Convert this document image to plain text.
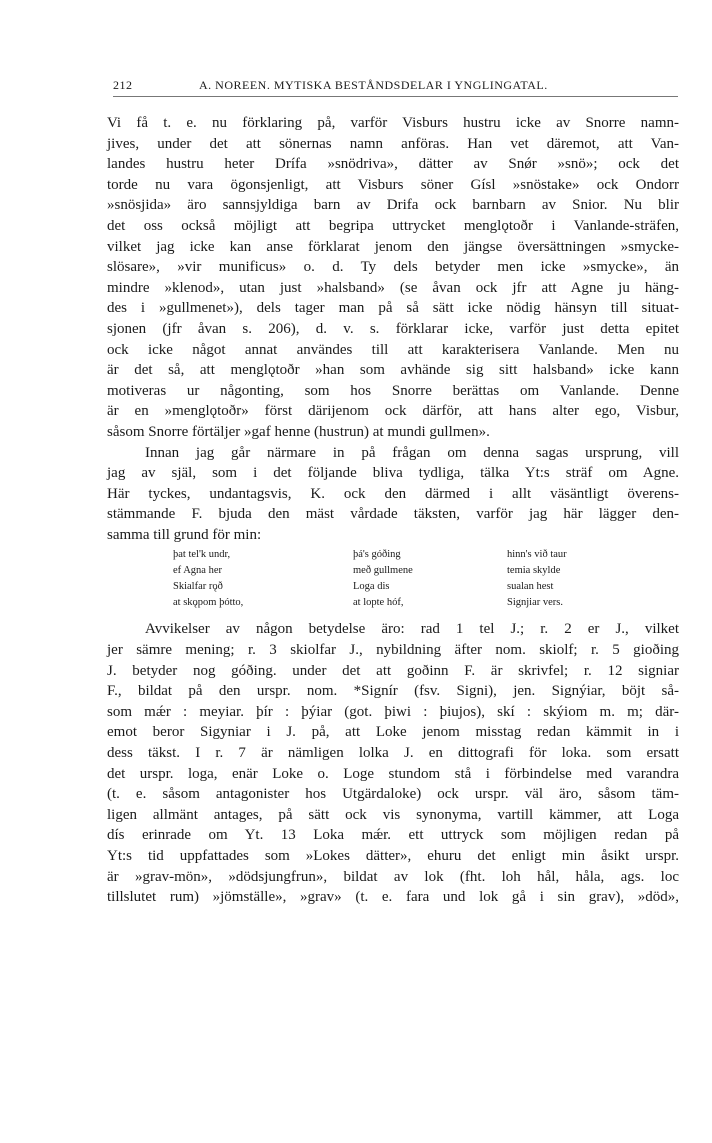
212	A. NOREEN. MYTISKA BESTÅNDSDELAR I YNGLINGATAL.
Vi få t. e. nu förklaring på, varför Visburs hustru icke av Snorre namn-
jives, under det att sönernas namn anföras. Han vet däremot, att Van-
landes hustru heter Drífa »snödriva», dätter av Snǿr »snö»; ock det
torde nu vara ögonsjenligt, att Visburs söner Gísl »snöstake» ock Ondorr
»snösjida» äro sannsjyldiga barn av Drifa ock barnbarn av Snior. Nu blir
det oss också möjligt att begripa uttrycket menglǫtoðr i Vanlande-sträfen,
vilket jag icke kan anse förklarat jenom den jängse översättningen »smycke-
slösare», »vir munificus» o. d. Ty dels betyder men icke »smycke», än
mindre »klenod», utan just »halsband» (se åvan ock jfr att Agne ju häng-
des i »gullmenet»), dels tager man på så sätt icke nödig hänsyn till situat-
sjonen (jfr åvan s. 206), d. v. s. förklarar icke, varför just detta epitet
ock icke något annat användes till att karakterisera Vanlande. Men nu
är det så, att menglǫtoðr »han som avhände sig sitt halsband» icke kann
motiveras ur någonting, som hos Snorre berättas om Vanlande. Denne
är en »menglǫtoðr» först därijenom ock därför, att hans alter ego, Visbur,
såsom Snorre förtäljer »gaf henne (hustrun) at mundi gullmen».
Innan jag går närmare in på frågan om denna sagas ursprung, vill
jag av själ, som i det följande bliva tydliga, tälka Yt:s sträf om Agne.
Här tyckes, undantagsvis, K. ock den därmed i allt väsäntligt överens-
stämmande F. bjuda den mäst vårdade täksten, varför jag här lägger den-
samma till grund för min:
þat tel'k undr,
ef Agna her
Skialfar rǫð
at skǫpom þótto,
þá's góðing
með gullmene
Loga dis
at lopte hóf,
hinn's við taur
temia skylde
sualan hest
Signjiar vers.
Avvikelser av någon betydelse äro: rad 1 tel J.; r. 2 er J., vilket
jer sämre mening; r. 3 skiolfar J., nybildning äfter nom. skiolf; r. 5 gioðing
J. betyder nog góðing. under det att goðinn F. är skrivfel; r. 12 signiar
F., bildat på den urspr. nom. *Signír (fsv. Signi), jen. Signýiar, böjt så-
som mǽr : meyiar. þír : þýiar (got. þiwi : þiujos), skí : skýiom m. m; där-
emot beror Sigyniar i J. på, att Loke jenom misstag redan kämmit in i
dess täkst. I r. 7 är nämligen lolka J. en dittografi för loka. som ersatt
det urspr. loga, enär Loke o. Loge stundom stå i förbindelse med varandra
(t. e. såsom antagonister hos Utgärdaloke) ock urspr. väl äro, såsom täm-
ligen allmänt antages, på sätt ock vis synonyma, vartill kämmer, att Loga
dís erinrade om Yt. 13 Loka mǽr. ett uttryck som möjligen redan på
Yt:s tid uppfattades som »Lokes dätter», ehuru det enligt min åsikt urspr.
är »grav-mön», »dödsjungfrun», bildat av lok (fht. loh hål, håla, ags. loc
tillslutet rum) »jömställe», »grav» (t. e. fara und lok gå i sin grav), »död»,
